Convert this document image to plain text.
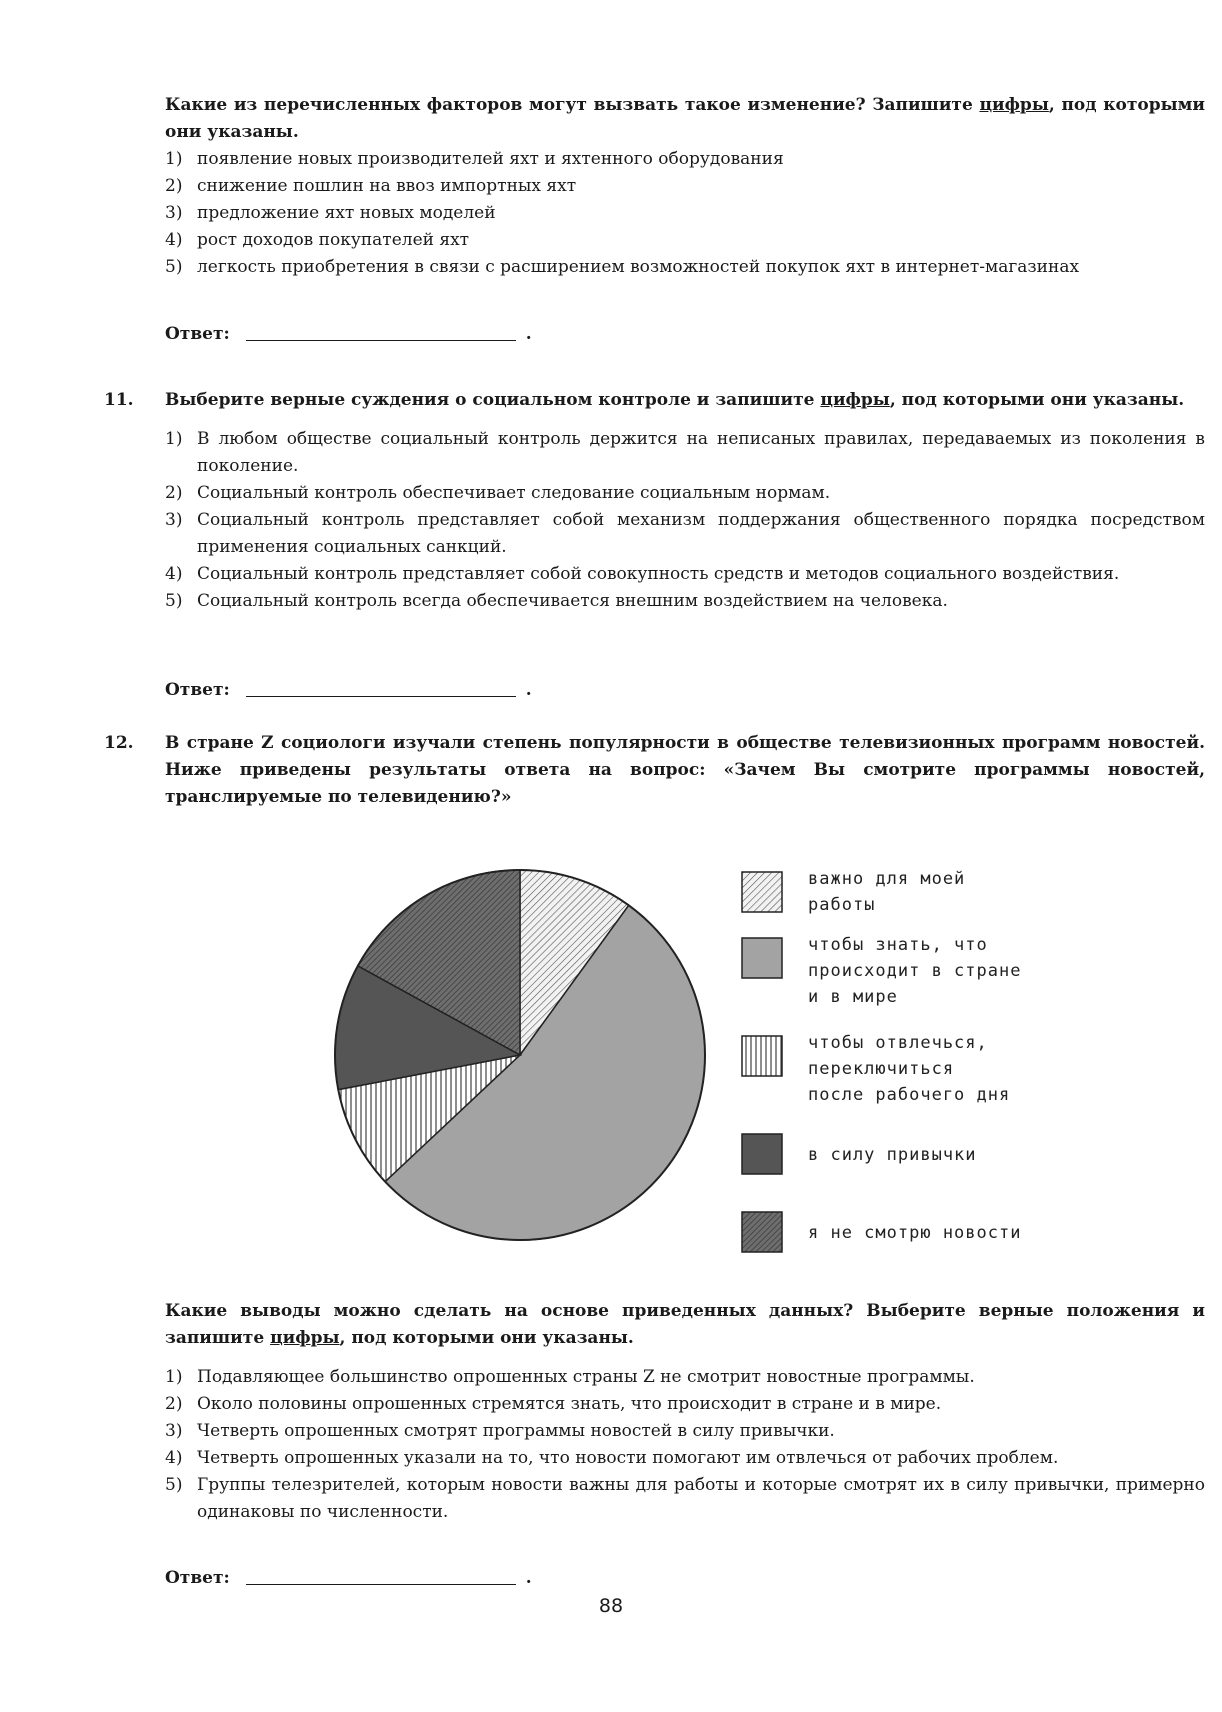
Какие из перечисленных факторов могут вызвать такое изменение? Запишите цифры, под которыми они указаны.

1) появление новых производителей яхт и яхтенного оборудования
2) снижение пошлин на ввоз импортных яхт
3) предложение яхт новых моделей
4) рост доходов покупателей яхт
5) легкость приобретения в связи с расширением возможностей покупок яхт в интернет-магазинах
Ответ:	.
11. Выберите верные суждения о социальном контроле и запишите цифры, под которыми они указаны.

1) В любом обществе социальный контроль держится на неписаных правилах, передаваемых из поколения в поколение.
2) Социальный контроль обеспечивает следование социальным нормам.
3) Социальный контроль представляет собой механизм поддержания общественного порядка посредством применения социальных санкций.
4) Социальный контроль представляет собой совокупность средств и методов социального воздействия.
5) Социальный контроль всегда обеспечивается внешним воздействием на человека.
Ответ:	.
12. В стране Z социологи изучали степень популярности в обществе телевизионных программ новостей. Ниже приведены результаты ответа на вопрос: «Зачем Вы смотрите программы новостей, транслируемые по телевидению?»

важно для моей
работы
чтобы знать, что
происходит в стране
и в мире
чтобы отвлечься,
переключиться
после рабочего дня
в силу привычки
я не смотрю новости

Какие выводы можно сделать на основе приведенных данных? Выберите верные положения и запишите цифры, под которыми они указаны.

1) Подавляющее большинство опрошенных страны Z не смотрит новостные программы.
2) Около половины опрошенных стремятся знать, что происходит в стране и в мире.
3) Четверть опрошенных смотрят программы новостей в силу привычки.
4) Четверть опрошенных указали на то, что новости помогают им отвлечься от рабочих проблем.
5) Группы телезрителей, которым новости важны для работы и которые смотрят их в силу привычки, примерно одинаковы по численности.
Ответ:	.
88
